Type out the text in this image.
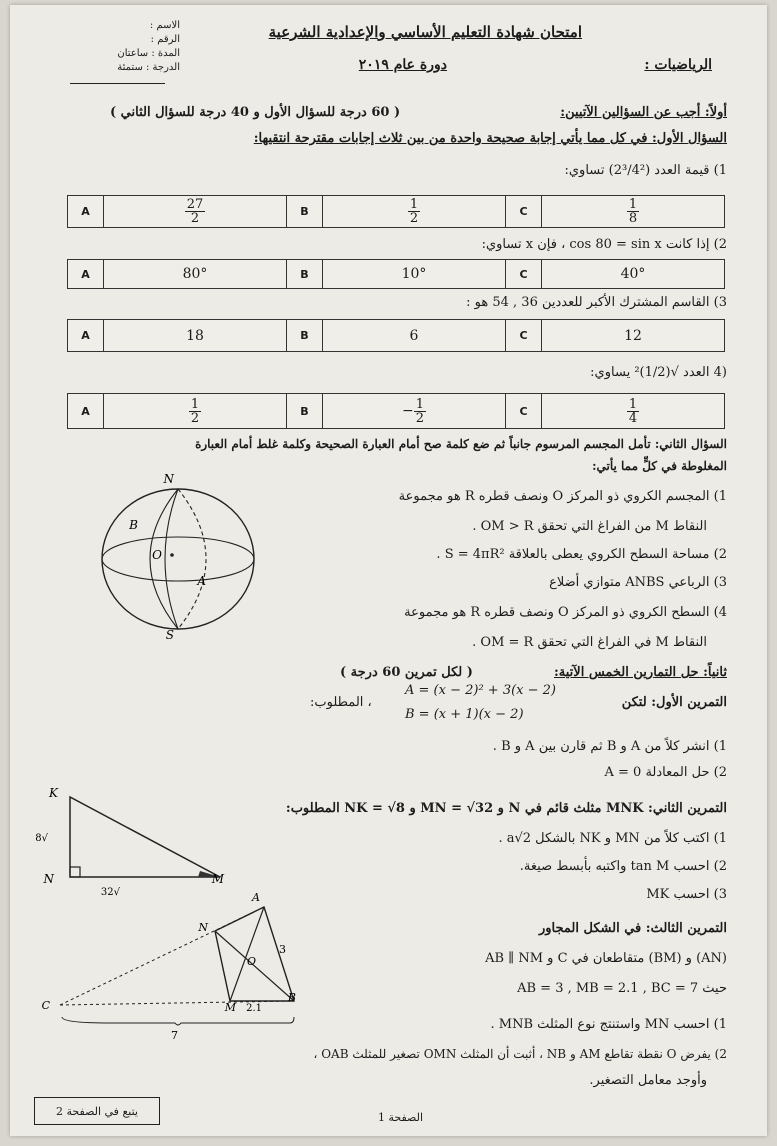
امتحان شهادة التعليم الأساسي والإعدادية الشرعية
دورة عام ٢٠١٩	الرياضيات :
الاسم :
الرقم :
المدة : ساعتان
الدرجة : ستمئة
أولاً: أجب عن السؤالين الآتيين:
( 60 درجة للسؤال الأول و 40 درجة للسؤال الثاني )
السؤال الأول: في كل مما يأتي إجابة صحيحة واحدة من بين ثلاث إجابات مقترحة انتقيها:
1) قيمة العدد (2³/4²) تساوي:
A	$\frac{27}{2}$	B	$\frac{1}{2}$	C	$\frac{1}{8}$
2) إذا كانت cos 80 = sin x ، فإن x تساوي:
A	80°	B	10°	C	40°
3) القاسم المشترك الأكبر للعددين 36 , 54 هو :
A	18	B	6	C	12
(4 العدد √(1/2)² يساوي:
A	$\frac{1}{2}$	B	− $\frac{1}{2}$	C	$\frac{1}{4}$
السؤال الثاني: تأمل المجسم المرسوم جانباً ثم ضع كلمة صح أمام العبارة الصحيحة وكلمة غلط أمام العبارة
المغلوطة في كلٍّ مما يأتي:
1) المجسم الكروي ذو المركز O ونصف قطره R هو مجموعة
النقاط M من الفراغ التي تحقق OM > R .
2) مساحة السطح الكروي يعطى بالعلاقة S = 4πR² .
3) الرباعي ANBS متوازي أضلاع
4) السطح الكروي ذو المركز O ونصف قطره R هو مجموعة
النقاط M في الفراغ التي تحقق OM = R .
N
S
B
A
O
ثانياً: حل التمارين الخمس الآتية:
( لكل تمرين 60 درجة )
التمرين الأول: لتكن
A = (x − 2)² + 3(x − 2)
B = (x + 1)(x − 2)
، المطلوب:
1) انشر كلاً من A و B ثم قارن بين A و B .
2) حل المعادلة A = 0
التمرين الثاني: MNK مثلث قائم في N و MN = √32 و NK = √8 المطلوب:
1) اكتب كلاً من MN و NK بالشكل a√2 .
2) احسب tan M واكتبه بأبسط صيغة.
3) احسب MK
K
N	M
√8
√32
التمرين الثالث: في الشكل المجاور
(AN) و (BM) متقاطعان في C و AB ∥ NM
حيث AB = 3 , MB = 2.1 , BC = 7
1) احسب MN واستنتج نوع المثلث MNB .
2) يفرض O نقطة تقاطع AM و NB ، أثبت أن المثلث OMN تصغير للمثلث OAB ،
وأوجد معامل التصغير.
A
N
O
C	M
B
3
2.1
7
يتبع في الصفحة 2	الصفحة 1
